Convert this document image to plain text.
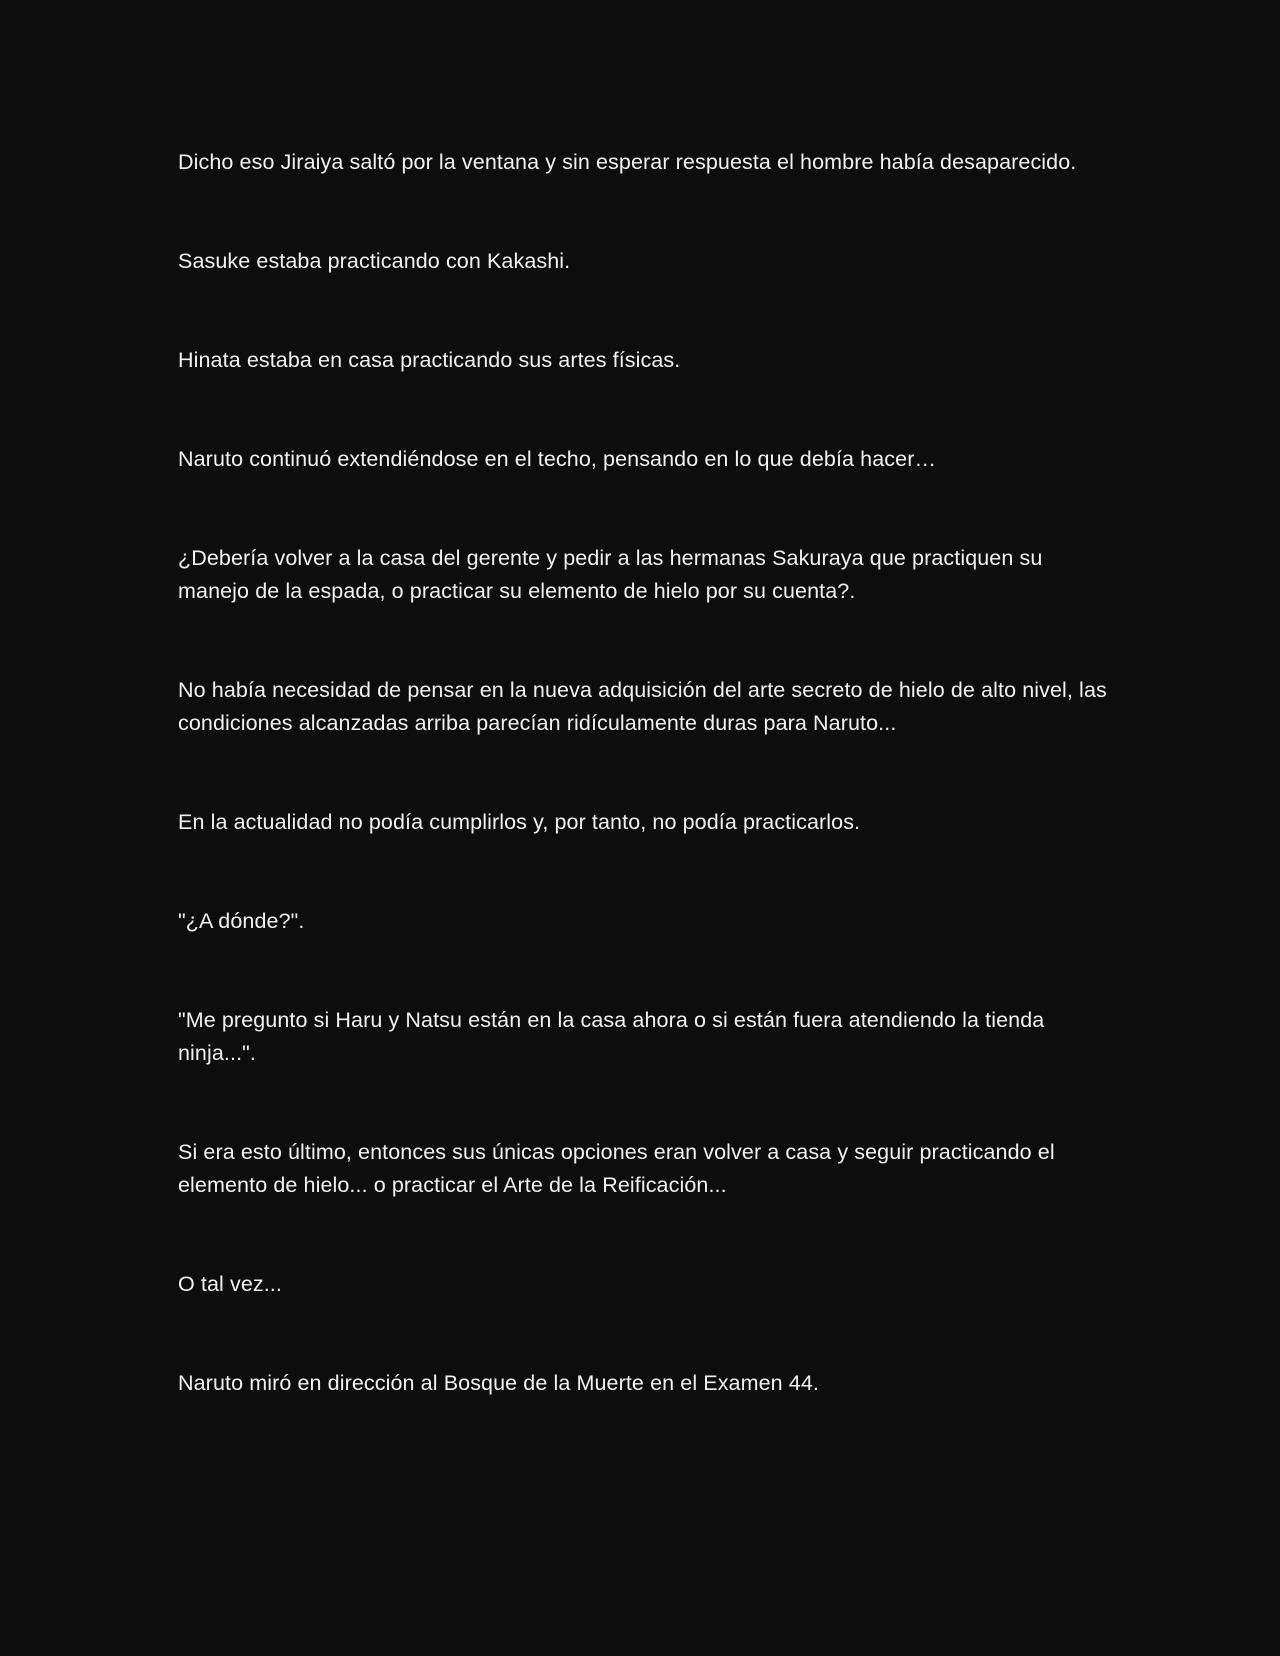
Dicho eso Jiraiya saltó por la ventana y sin esperar respuesta el hombre había desaparecido.

Sasuke estaba practicando con Kakashi.

Hinata estaba en casa practicando sus artes físicas.

Naruto continuó extendiéndose en el techo, pensando en lo que debía hacer…

¿Debería volver a la casa del gerente y pedir a las hermanas Sakuraya que practiquen su manejo de la espada, o practicar su elemento de hielo por su cuenta?.

No había necesidad de pensar en la nueva adquisición del arte secreto de hielo de alto nivel, las condiciones alcanzadas arriba parecían ridículamente duras para Naruto...

En la actualidad no podía cumplirlos y, por tanto, no podía practicarlos.

"¿A dónde?".

"Me pregunto si Haru y Natsu están en la casa ahora o si están fuera atendiendo la tienda ninja...".

Si era esto último, entonces sus únicas opciones eran volver a casa y seguir practicando el elemento de hielo... o practicar el Arte de la Reificación...

O tal vez...

Naruto miró en dirección al Bosque de la Muerte en el Examen 44.
